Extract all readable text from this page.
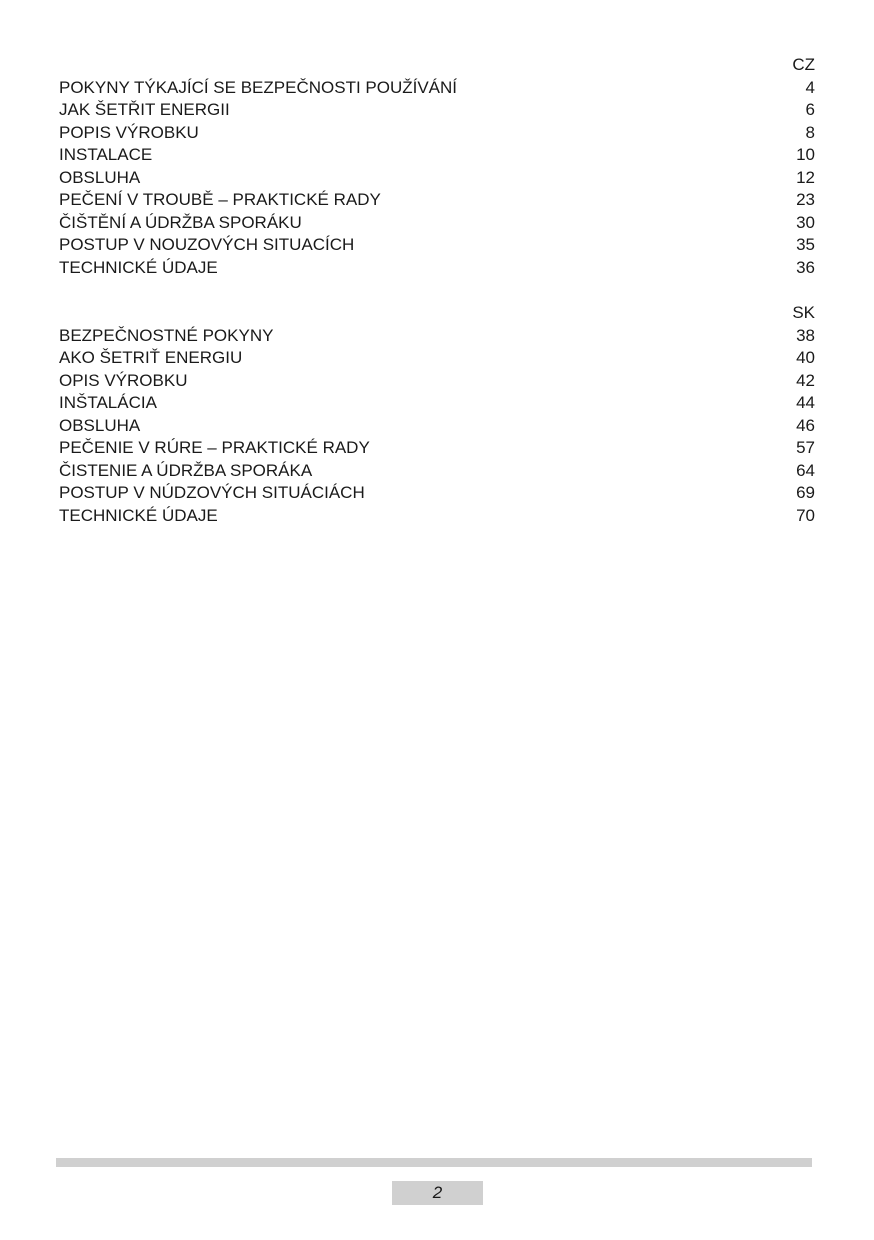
CZ
POKYNY TÝKAJÍCÍ SE BEZPEČNOSTI POUŽÍVÁNÍ	4
JAK ŠETŘIT ENERGII	6
POPIS VÝROBKU	8
INSTALACE	10
OBSLUHA	12
PEČENÍ V TROUBĚ – PRAKTICKÉ RADY	23
ČIŠTĚNÍ A ÚDRŽBA SPORÁKU	30
POSTUP V NOUZOVÝCH SITUACÍCH	35
TECHNICKÉ ÚDAJE	36
SK
BEZPEČNOSTNÉ POKYNY	38
AKO ŠETRIŤ ENERGIU	40
OPIS VÝROBKU	42
INŠTALÁCIA	44
OBSLUHA	46
PEČENIE V RÚRE – PRAKTICKÉ RADY	57
ČISTENIE A ÚDRŽBA SPORÁKA	64
POSTUP V NÚDZOVÝCH SITUÁCIÁCH	69
TECHNICKÉ ÚDAJE	70
2
